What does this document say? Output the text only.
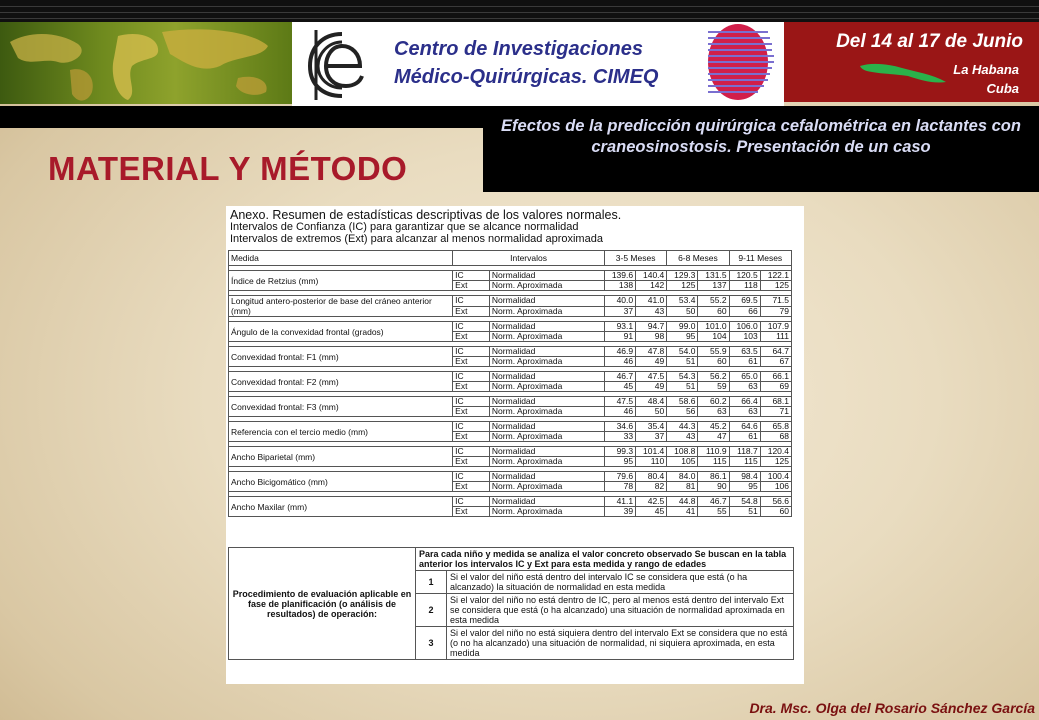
Centro de Investigaciones
Médico-Quirúrgicas. CIMEQ
Del 14 al 17 de Junio
La Habana
Cuba
Efectos de la predicción quirúrgica cefalométrica en lactantes con craneosinostosis. Presentación de un caso
MATERIAL Y MÉTODO
Anexo. Resumen de estadísticas descriptivas de los valores normales.
Intervalos de Confianza (IC) para garantizar que se alcance normalidad
Intervalos de extremos (Ext) para alcanzar al menos normalidad aproximada
Medida	Intervalos		3-5 Meses		6-8 Meses		9-11 Meses	

Índice de Retzius (mm)	IC	Normalidad	139.6	140.4	129.3	131.5	120.5	122.1
	Ext	Norm. Aproximada	138	142	125	137	118	125

Longitud antero-posterior de base del cráneo anterior (mm)	IC	Normalidad	40.0	41.0	53.4	55.2	69.5	71.5
	Ext	Norm. Aproximada	37	43	50	60	66	79

Ángulo de la convexidad frontal (grados)	IC	Normalidad	93.1	94.7	99.0	101.0	106.0	107.9
	Ext	Norm. Aproximada	91	98	95	104	103	111

Convexidad frontal: F1 (mm)	IC	Normalidad	46.9	47.8	54.0	55.9	63.5	64.7
	Ext	Norm. Aproximada	46	49	51	60	61	67

Convexidad frontal: F2 (mm)	IC	Normalidad	46.7	47.5	54.3	56.2	65.0	66.1
	Ext	Norm. Aproximada	45	49	51	59	63	69

Convexidad frontal: F3 (mm)	IC	Normalidad	47.5	48.4	58.6	60.2	66.4	68.1
	Ext	Norm. Aproximada	46	50	56	63	63	71

Referencia con el tercio medio (mm)	IC	Normalidad	34.6	35.4	44.3	45.2	64.6	65.8
	Ext	Norm. Aproximada	33	37	43	47	61	68

Ancho Biparietal (mm)	IC	Normalidad	99.3	101.4	108.8	110.9	118.7	120.4
	Ext	Norm. Aproximada	95	110	105	115	115	125

Ancho Bicigomático (mm)	IC	Normalidad	79.6	80.4	84.0	86.1	98.4	100.4
	Ext	Norm. Aproximada	78	82	81	90	95	106

Ancho Maxilar (mm)	IC	Normalidad	41.1	42.5	44.8	46.7	54.8	56.6
	Ext	Norm. Aproximada	39	45	41	55	51	60
Procedimiento de evaluación aplicable en fase de planificación (o análisis de resultados) de operación:	Para cada niño y medida se analiza el valor concreto observado Se buscan en la tabla anterior los intervalos IC y Ext para esta medida y rango de edades	
	1	Si el valor del niño está dentro del intervalo IC se considera que está (o ha alcanzado) la situación de normalidad en esta medida
	2	Si el valor del niño no está dentro de IC, pero al menos está dentro del intervalo Ext se considera que está (o ha alcanzado) una situación de normalidad aproximada en esta medida
	3	Si el valor del niño no está siquiera dentro del intervalo Ext se considera que no está (o no ha alcanzado) una situación de normalidad, ni siquiera aproximada, en esta medida
Dra. Msc. Olga del Rosario Sánchez García
